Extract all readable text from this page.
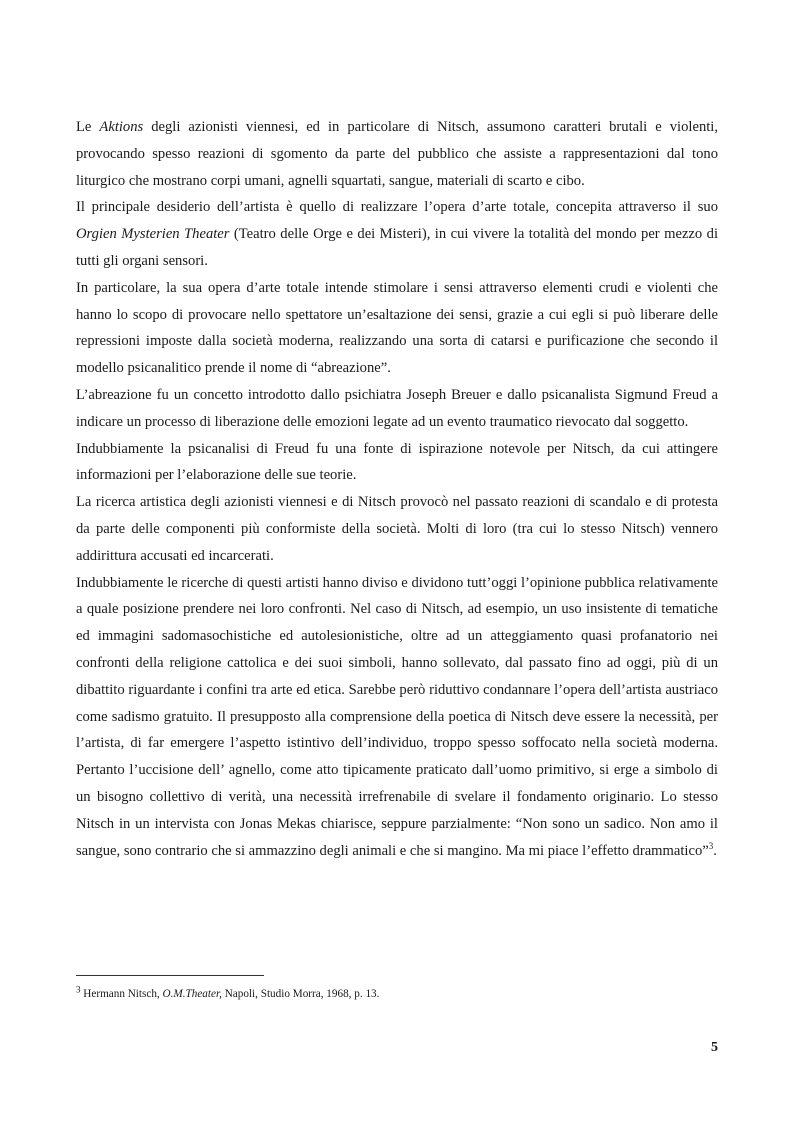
Le Aktions degli azionisti viennesi, ed in particolare di Nitsch, assumono caratteri brutali e violenti, provocando spesso reazioni di sgomento da parte del pubblico che assiste a rappresentazioni dal tono liturgico che mostrano corpi umani, agnelli squartati, sangue, materiali di scarto e cibo.

Il principale desiderio dell’artista è quello di realizzare l’opera d’arte totale, concepita attraverso il suo Orgien Mysterien Theater (Teatro delle Orge e dei Misteri), in cui vivere la totalità del mondo per mezzo di tutti gli organi sensori.

In particolare, la sua opera d’arte totale intende stimolare i sensi attraverso elementi crudi e violenti che hanno lo scopo di provocare nello spettatore un’esaltazione dei sensi, grazie a cui egli si può liberare delle repressioni imposte dalla società moderna, realizzando una sorta di catarsi e purificazione che secondo il modello psicanalitico prende il nome di “abreazione”.

L’abreazione fu un concetto introdotto dallo psichiatra Joseph Breuer e dallo psicanalista Sigmund Freud a indicare un processo di liberazione delle emozioni legate ad un evento traumatico rievocato dal soggetto.

Indubbiamente la psicanalisi di Freud fu una fonte di ispirazione notevole per Nitsch, da cui attingere informazioni per l’elaborazione delle sue teorie.

La ricerca artistica degli azionisti viennesi e di Nitsch provocò nel passato reazioni di scandalo e di protesta da parte delle componenti più conformiste della società. Molti di loro (tra cui lo stesso Nitsch) vennero addirittura accusati ed incarcerati.

Indubbiamente le ricerche di questi artisti hanno diviso e dividono tutt’oggi l’opinione pubblica relativamente a quale posizione prendere nei loro confronti. Nel caso di Nitsch, ad esempio, un uso insistente di tematiche ed immagini sadomasochistiche ed autolesionistiche, oltre ad un atteggiamento quasi profanatorio nei confronti della religione cattolica e dei suoi simboli, hanno sollevato, dal passato fino ad oggi, più di un dibattito riguardante i confini tra arte ed etica. Sarebbe però riduttivo condannare l’opera dell’artista austriaco come sadismo gratuito. Il presupposto alla comprensione della poetica di Nitsch deve essere la necessità, per l’artista, di far emergere l’aspetto istintivo dell’individuo, troppo spesso soffocato nella società moderna. Pertanto l’uccisione dell’ agnello, come atto tipicamente praticato dall’uomo primitivo, si erge a simbolo di un bisogno collettivo di verità, una necessità irrefrenabile di svelare il fondamento originario. Lo stesso Nitsch in un intervista con Jonas Mekas chiarisce, seppure parzialmente: “Non sono un sadico. Non amo il sangue, sono contrario che si ammazzino degli animali e che si mangino. Ma mi piace l’effetto drammatico”$^3$.

$^3$ Hermann Nitsch, O.M.Theater, Napoli, Studio Morra, 1968, p. 13.
5
